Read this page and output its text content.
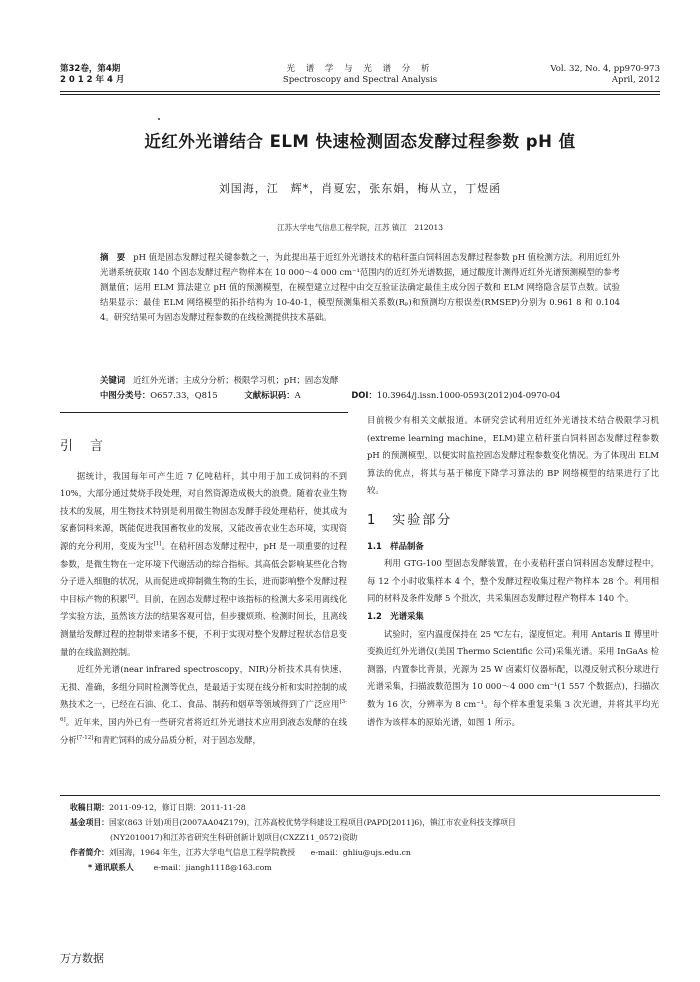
第32卷，第4期
2 0 1 2 年 4 月
光 谱 学 与 光 谱 分 析
Spectroscopy and Spectral Analysis
Vol. 32, No. 4, pp970-973
April, 2012
近红外光谱结合 ELM 快速检测固态发酵过程参数 pH 值
刘国海，江　辉*，肖夏宏，张东娟，梅从立，丁煜函
江苏大学电气信息工程学院，江苏 镇江　212013
摘　要 pH 值是固态发酵过程关键参数之一，为此提出基于近红外光谱技术的秸秆蛋白饲料固态发酵过程参数 pH 值检测方法。利用近红外光谱系统获取 140 个固态发酵过程产物样本在 10 000～4 000 cm⁻¹范围内的近红外光谱数据，通过酸度计测得近红外光谱预测模型的参考测量值；运用 ELM 算法建立 pH 值的预测模型，在模型建立过程中由交互验证法确定最佳主成分因子数和 ELM 网络隐含层节点数。试验结果显示：最佳 ELM 网络模型的拓扑结构为 10-40-1，模型预测集相关系数(Rₚ)和预测均方根误差(RMSEP)分别为 0.961 8 和 0.104 4。研究结果可为固态发酵过程参数的在线检测提供技术基础。
关键词 近红外光谱；主成分分析；极限学习机；pH；固态发酵
中图分类号：O657.33，Q815	文献标识码：A	DOI：10.3964/j.issn.1000-0593(2012)04-0970-04

引　言

据统计，我国每年可产生近 7 亿吨秸秆，其中用于加工成饲料的不到 10%，大部分通过焚烧手段处理，对自然资源造成极大的浪费。随着农业生物技术的发展，用生物技术特别是利用微生物固态发酵手段处理秸秆，使其成为家畜饲料来源，既能促进我国畜牧业的发展，又能改善农业生态环境，实现资源的充分利用，变废为宝[1]。在秸秆固态发酵过程中，pH 是一项重要的过程参数，是微生物在一定环境下代谢活动的综合指标。其高低会影响某些化合物分子进入细胞的状况，从而促进或抑制微生物的生长，进而影响整个发酵过程中目标产物的积累[2]。目前，在固态发酵过程中该指标的检测大多采用离线化学实验方法，虽然该方法的结果客观可信，但步骤烦琐、检测时间长，且离线测量给发酵过程的控制带来诸多不便，不利于实现对整个发酵过程状态信息变量的在线监测控制。

近红外光谱(near infrared spectroscopy，NIR)分析技术具有快速、无损、准确，多组分同时检测等优点，是最适于实现在线分析和实时控制的成熟技术之一，已经在石油、化工、食品、制药和烟草等领域得到了广泛应用[3-6]。近年来，国内外已有一些研究者将近红外光谱技术应用到液态发酵的在线分析[7-12]和青贮饲料的成分品质分析，对于固态发酵，

目前极少有相关文献报道。本研究尝试利用近红外光谱技术结合极限学习机(extreme learning machine，ELM)建立秸秆蛋白饲料固态发酵过程参数 pH 的预测模型，以便实时监控固态发酵过程参数变化情况。为了体现出 ELM 算法的优点，将其与基于梯度下降学习算法的 BP 网络模型的结果进行了比较。

1　实验部分

1.1　样品制备

利用 GTG-100 型固态发酵装置，在小麦秸秆蛋白饲料固态发酵过程中，每 12 个小时收集样本 4 个，整个发酵过程收集过程产物样本 28 个。利用相同的材料及条件发酵 5 个批次，共采集固态发酵过程产物样本 140 个。

1.2　光谱采集

试验时，室内温度保持在 25 ℃左右，湿度恒定。利用 Antaris Ⅱ 傅里叶变换近红外光谱仪(美国 Thermo Scientific 公司)采集光谱。采用 InGaAs 检测器，内置参比背景，光源为 25 W 卤素灯仪器标配，以漫反射式积分球进行光谱采集，扫描波数范围为 10 000～4 000 cm⁻¹(1 557 个数据点)，扫描次数为 16 次，分辨率为 8 cm⁻¹。每个样本重复采集 3 次光谱，并将其平均光谱作为该样本的原始光谱，如图 1 所示。

收稿日期： 2011-09-12，修订日期：2011-11-28
基金项目： 国家(863 计划)项目(2007AA04Z179)，江苏高校优势学科建设工程项目(PAPD[2011]6)，镇江市农业科技支撑项目
(NY2010017)和江苏省研究生科研创新计划项目(CXZZ11_0572)资助
作者简介： 刘国海，1964 年生，江苏大学电气信息工程学院教授　　e-mail：ghliu@ujs.edu.cn
* 通讯联系人
	e-mail：jiangh1118@163.com
万方数据
